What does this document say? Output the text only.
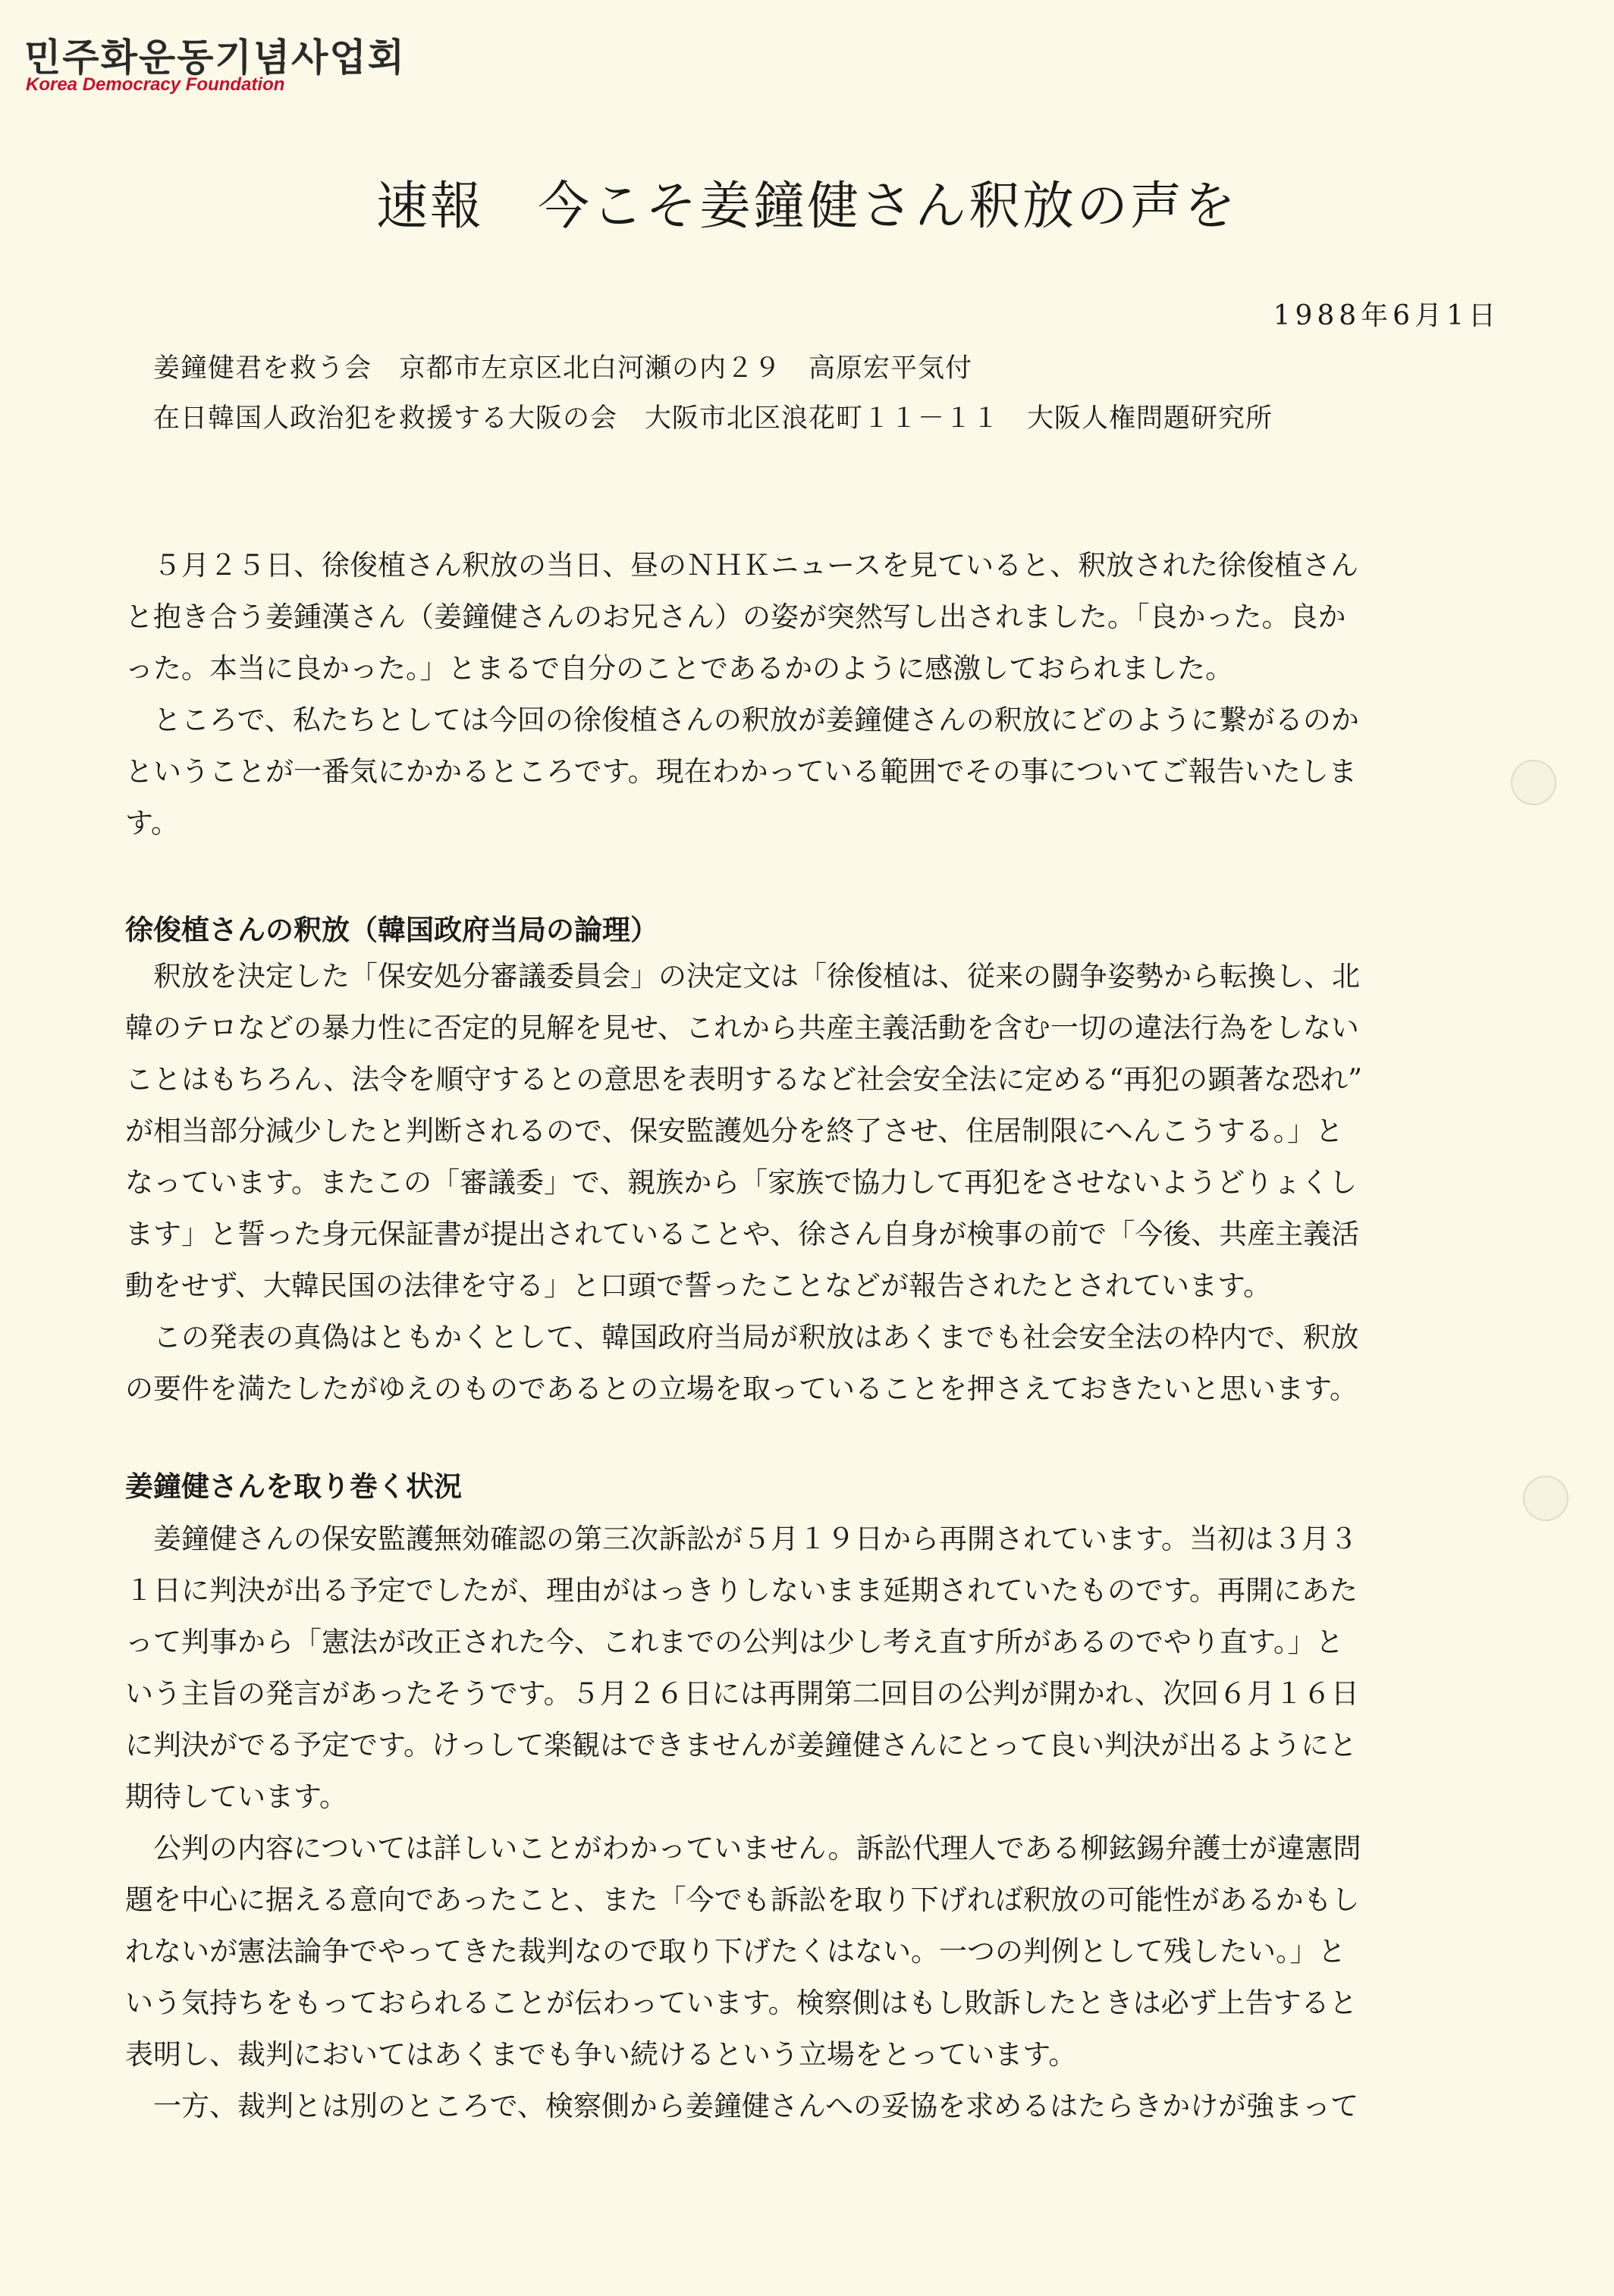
민주화운동기념사업회
Korea Democracy Foundation
速報　今こそ姜鐘健さん釈放の声を
1988年6月1日
姜鐘健君を救う会　京都市左京区北白河瀬の内２９　高原宏平気付
在日韓国人政治犯を救援する大阪の会　大阪市北区浪花町１１－１１　大阪人権問題研究所
　５月２５日、徐俊植さん釈放の当日、昼のＮＨＫニュースを見ていると、釈放された徐俊植さん
と抱き合う姜鍾漢さん（姜鐘健さんのお兄さん）の姿が突然写し出されました。「良かった。良か
った。本当に良かった。」とまるで自分のことであるかのように感激しておられました。
　ところで、私たちとしては今回の徐俊植さんの釈放が姜鐘健さんの釈放にどのように繋がるのか
ということが一番気にかかるところです。現在わかっている範囲でその事についてご報告いたしま
す。
徐俊植さんの釈放（韓国政府当局の論理）
　釈放を決定した「保安処分審議委員会」の決定文は「徐俊植は、従来の闘争姿勢から転換し、北
韓のテロなどの暴力性に否定的見解を見せ、これから共産主義活動を含む一切の違法行為をしない
ことはもちろん、法令を順守するとの意思を表明するなど社会安全法に定める“再犯の顕著な恐れ”
が相当部分減少したと判断されるので、保安監護処分を終了させ、住居制限にへんこうする。」と
なっています。またこの「審議委」で、親族から「家族で協力して再犯をさせないようどりょくし
ます」と誓った身元保証書が提出されていることや、徐さん自身が検事の前で「今後、共産主義活
動をせず、大韓民国の法律を守る」と口頭で誓ったことなどが報告されたとされています。
　この発表の真偽はともかくとして、韓国政府当局が釈放はあくまでも社会安全法の枠内で、釈放
の要件を満たしたがゆえのものであるとの立場を取っていることを押さえておきたいと思います。
姜鐘健さんを取り巻く状況
　姜鐘健さんの保安監護無効確認の第三次訴訟が５月１９日から再開されています。当初は３月３
１日に判決が出る予定でしたが、理由がはっきりしないまま延期されていたものです。再開にあた
って判事から「憲法が改正された今、これまでの公判は少し考え直す所があるのでやり直す。」と
いう主旨の発言があったそうです。５月２６日には再開第二回目の公判が開かれ、次回６月１６日
に判決がでる予定です。けっして楽観はできませんが姜鐘健さんにとって良い判決が出るようにと
期待しています。
　公判の内容については詳しいことがわかっていません。訴訟代理人である柳鉉錫弁護士が違憲問
題を中心に据える意向であったこと、また「今でも訴訟を取り下げれば釈放の可能性があるかもし
れないが憲法論争でやってきた裁判なので取り下げたくはない。一つの判例として残したい。」と
いう気持ちをもっておられることが伝わっています。検察側はもし敗訴したときは必ず上告すると
表明し、裁判においてはあくまでも争い続けるという立場をとっています。
　一方、裁判とは別のところで、検察側から姜鐘健さんへの妥協を求めるはたらきかけが強まって
